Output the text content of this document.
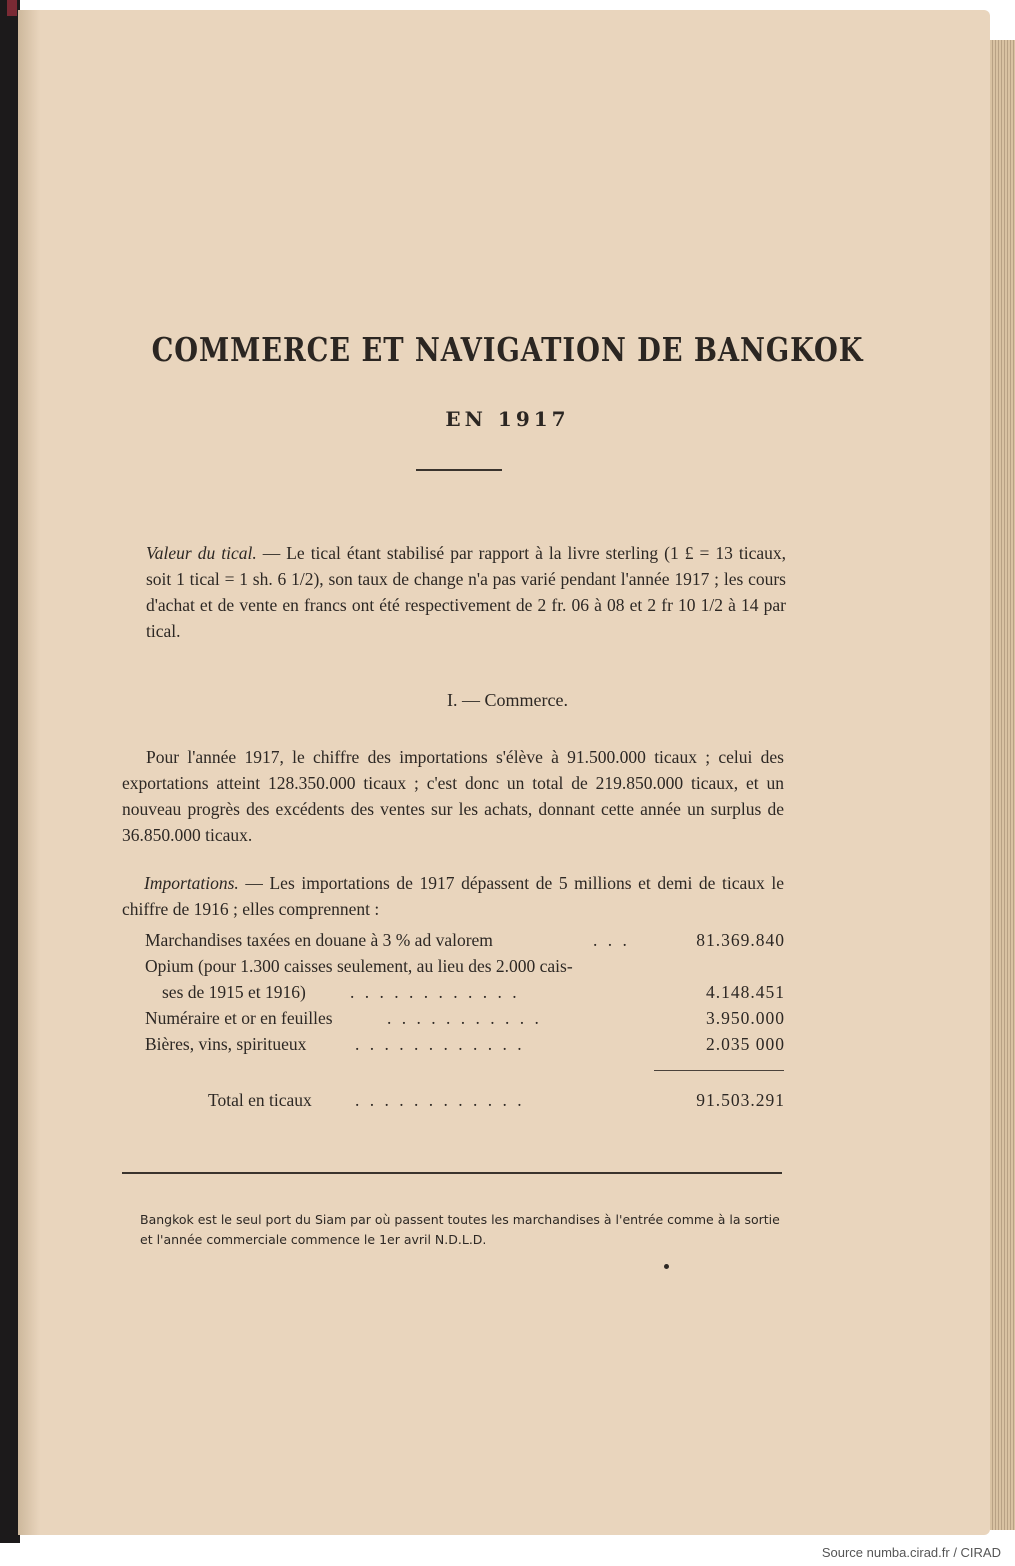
COMMERCE ET NAVIGATION DE BANGKOK
EN 1917

Valeur du tical. — Le tical étant stabilisé par rapport à la livre sterling (1 £ = 13 ticaux, soit 1 tical = 1 sh. 6 1/2), son taux de change n'a pas varié pendant l'année 1917 ; les cours d'achat et de vente en francs ont été respectivement de 2 fr. 06 à 08 et 2 fr 10 1/2 à 14 par tical.

I. — Commerce.
Pour l'année 1917, le chiffre des importations s'élève à 91.500.000 ticaux ; celui des exportations atteint 128.350.000 ticaux ; c'est donc un total de 219.850.000 ticaux, et un nouveau progrès des excédents des ventes sur les achats, donnant cette année un surplus de 36.850.000 ticaux.
Importations. — Les importations de 1917 dépassent de 5 millions et demi de ticaux le chiffre de 1916 ; elles comprennent :
Marchandises taxées en douane à 3 % ad valorem	. . .	81.369.840
Opium (pour 1.300 caisses seulement, au lieu des 2.000 cais-
ses de 1915 et 1916)	. . . . . . . . . . . .	4.148.451
Numéraire et or en feuilles	. . . . . . . . . . .	3.950.000
Bières, vins, spiritueux	. . . . . . . . . . . .	2.035 000
Total en ticaux . . . . . . . . . . . .	91.503.291
Bangkok est le seul port du Siam par où passent toutes les marchandises à l'entrée comme à la sortie et l'année commerciale commence le 1er avril N.D.L.D.
Source numba.cirad.fr / CIRAD
